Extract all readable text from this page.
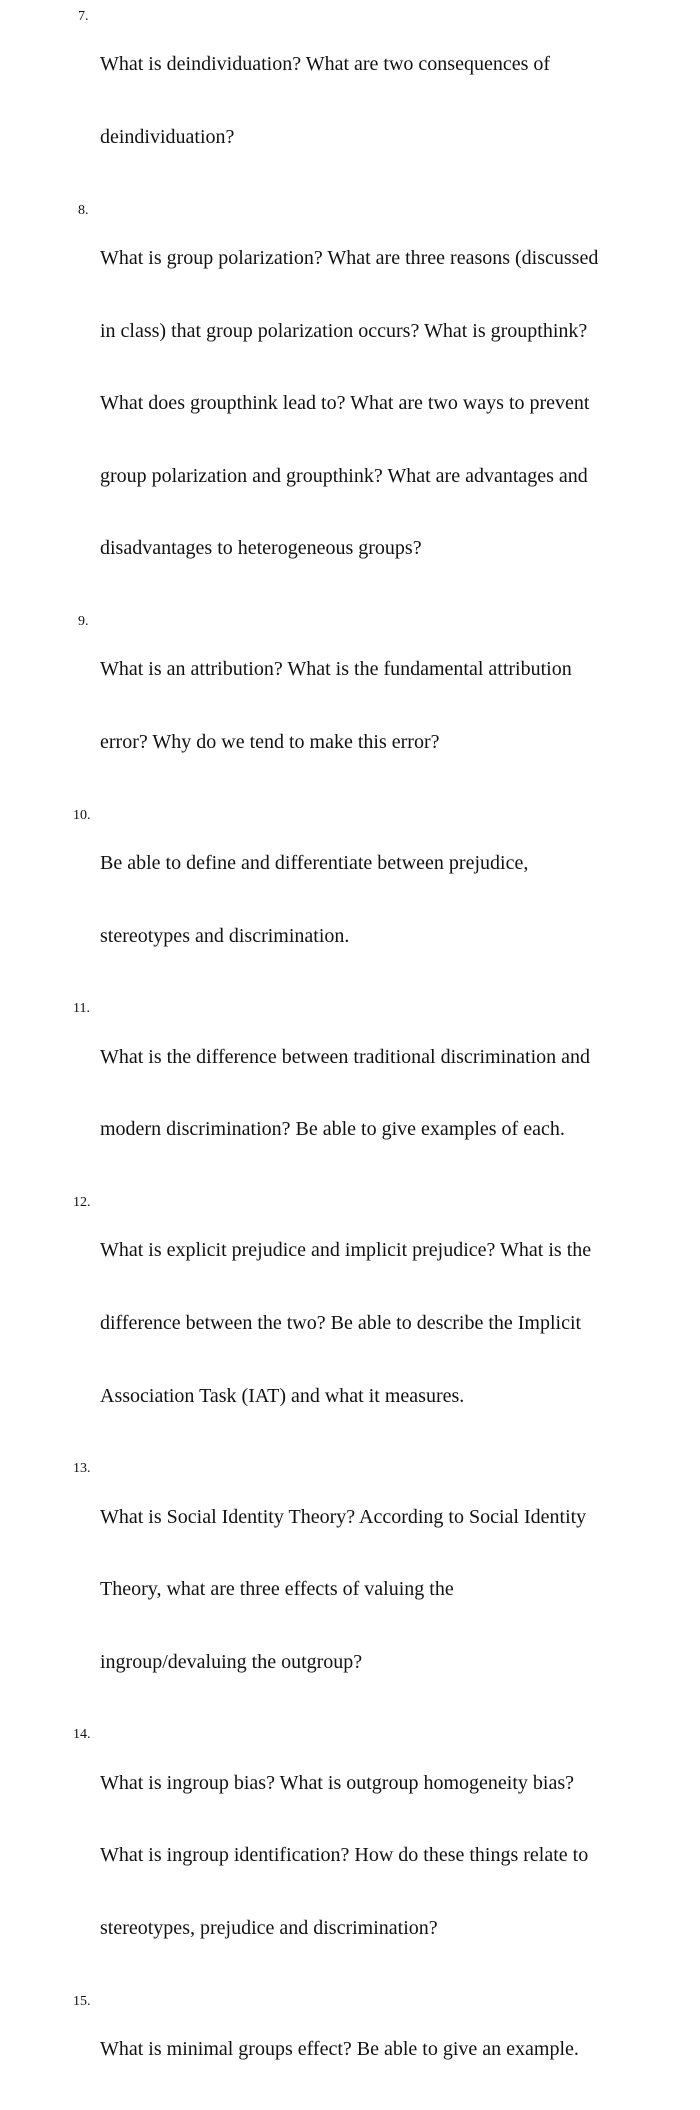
7.

What is deindividuation? What are two consequences of

deindividuation?

8.

What is group polarization? What are three reasons (discussed

in class) that group polarization occurs? What is groupthink?

What does groupthink lead to? What are two ways to prevent

group polarization and groupthink? What are advantages and

disadvantages to heterogeneous groups?

9.

What is an attribution? What is the fundamental attribution

error? Why do we tend to make this error?

10.

Be able to define and differentiate between prejudice,

stereotypes and discrimination.

11.

What is the difference between traditional discrimination and

modern discrimination? Be able to give examples of each.

12.

What is explicit prejudice and implicit prejudice? What is the

difference between the two? Be able to describe the Implicit

Association Task (IAT) and what it measures.

13.

What is Social Identity Theory? According to Social Identity

Theory, what are three effects of valuing the

ingroup/devaluing the outgroup?

14.

What is ingroup bias? What is outgroup homogeneity bias?

What is ingroup identification? How do these things relate to

stereotypes, prejudice and discrimination?

15.

What is minimal groups effect? Be able to give an example.
